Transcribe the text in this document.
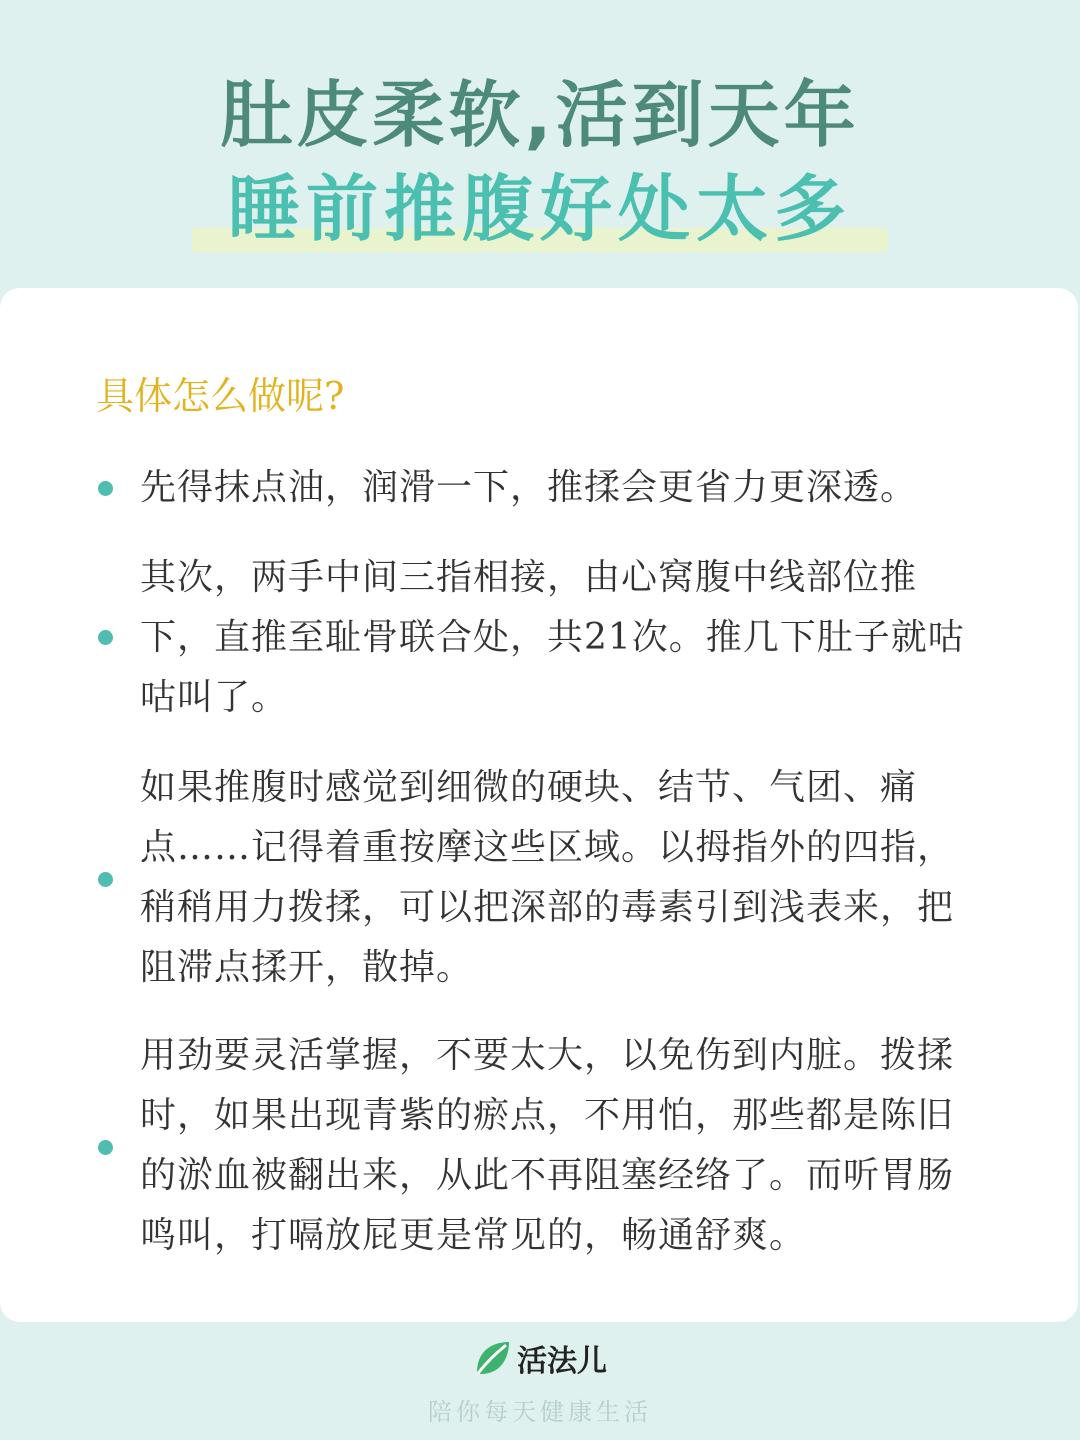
肚皮柔软,活到天年
睡前推腹好处太多
具体怎么做呢?
先得抹点油，润滑一下，推揉会更省力更深透。
其次，两手中间三指相接，由心窝腹中线部位推下，直推至耻骨联合处，共21次。推几下肚子就咕咕叫了。
如果推腹时感觉到细微的硬块、结节、气团、痛点……记得着重按摩这些区域。以拇指外的四指，稍稍用力拨揉，可以把深部的毒素引到浅表来，把阻滞点揉开，散掉。
用劲要灵活掌握，不要太大，以免伤到内脏。拨揉时，如果出现青紫的瘀点，不用怕，那些都是陈旧的淤血被翻出来，从此不再阻塞经络了。而听胃肠鸣叫，打嗝放屁更是常见的，畅通舒爽。
活法儿
陪你每天健康生活
